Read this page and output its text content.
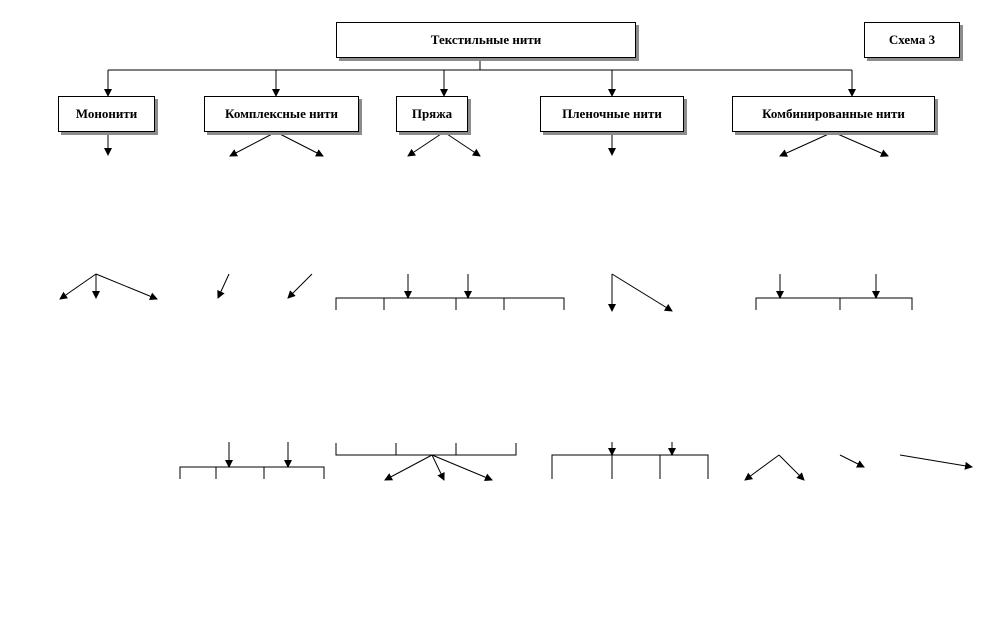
Текстильные нити	Схема 3
Мононити	Комплексные нити	Пряжа	Пленочные нити	Комбинированные нити
